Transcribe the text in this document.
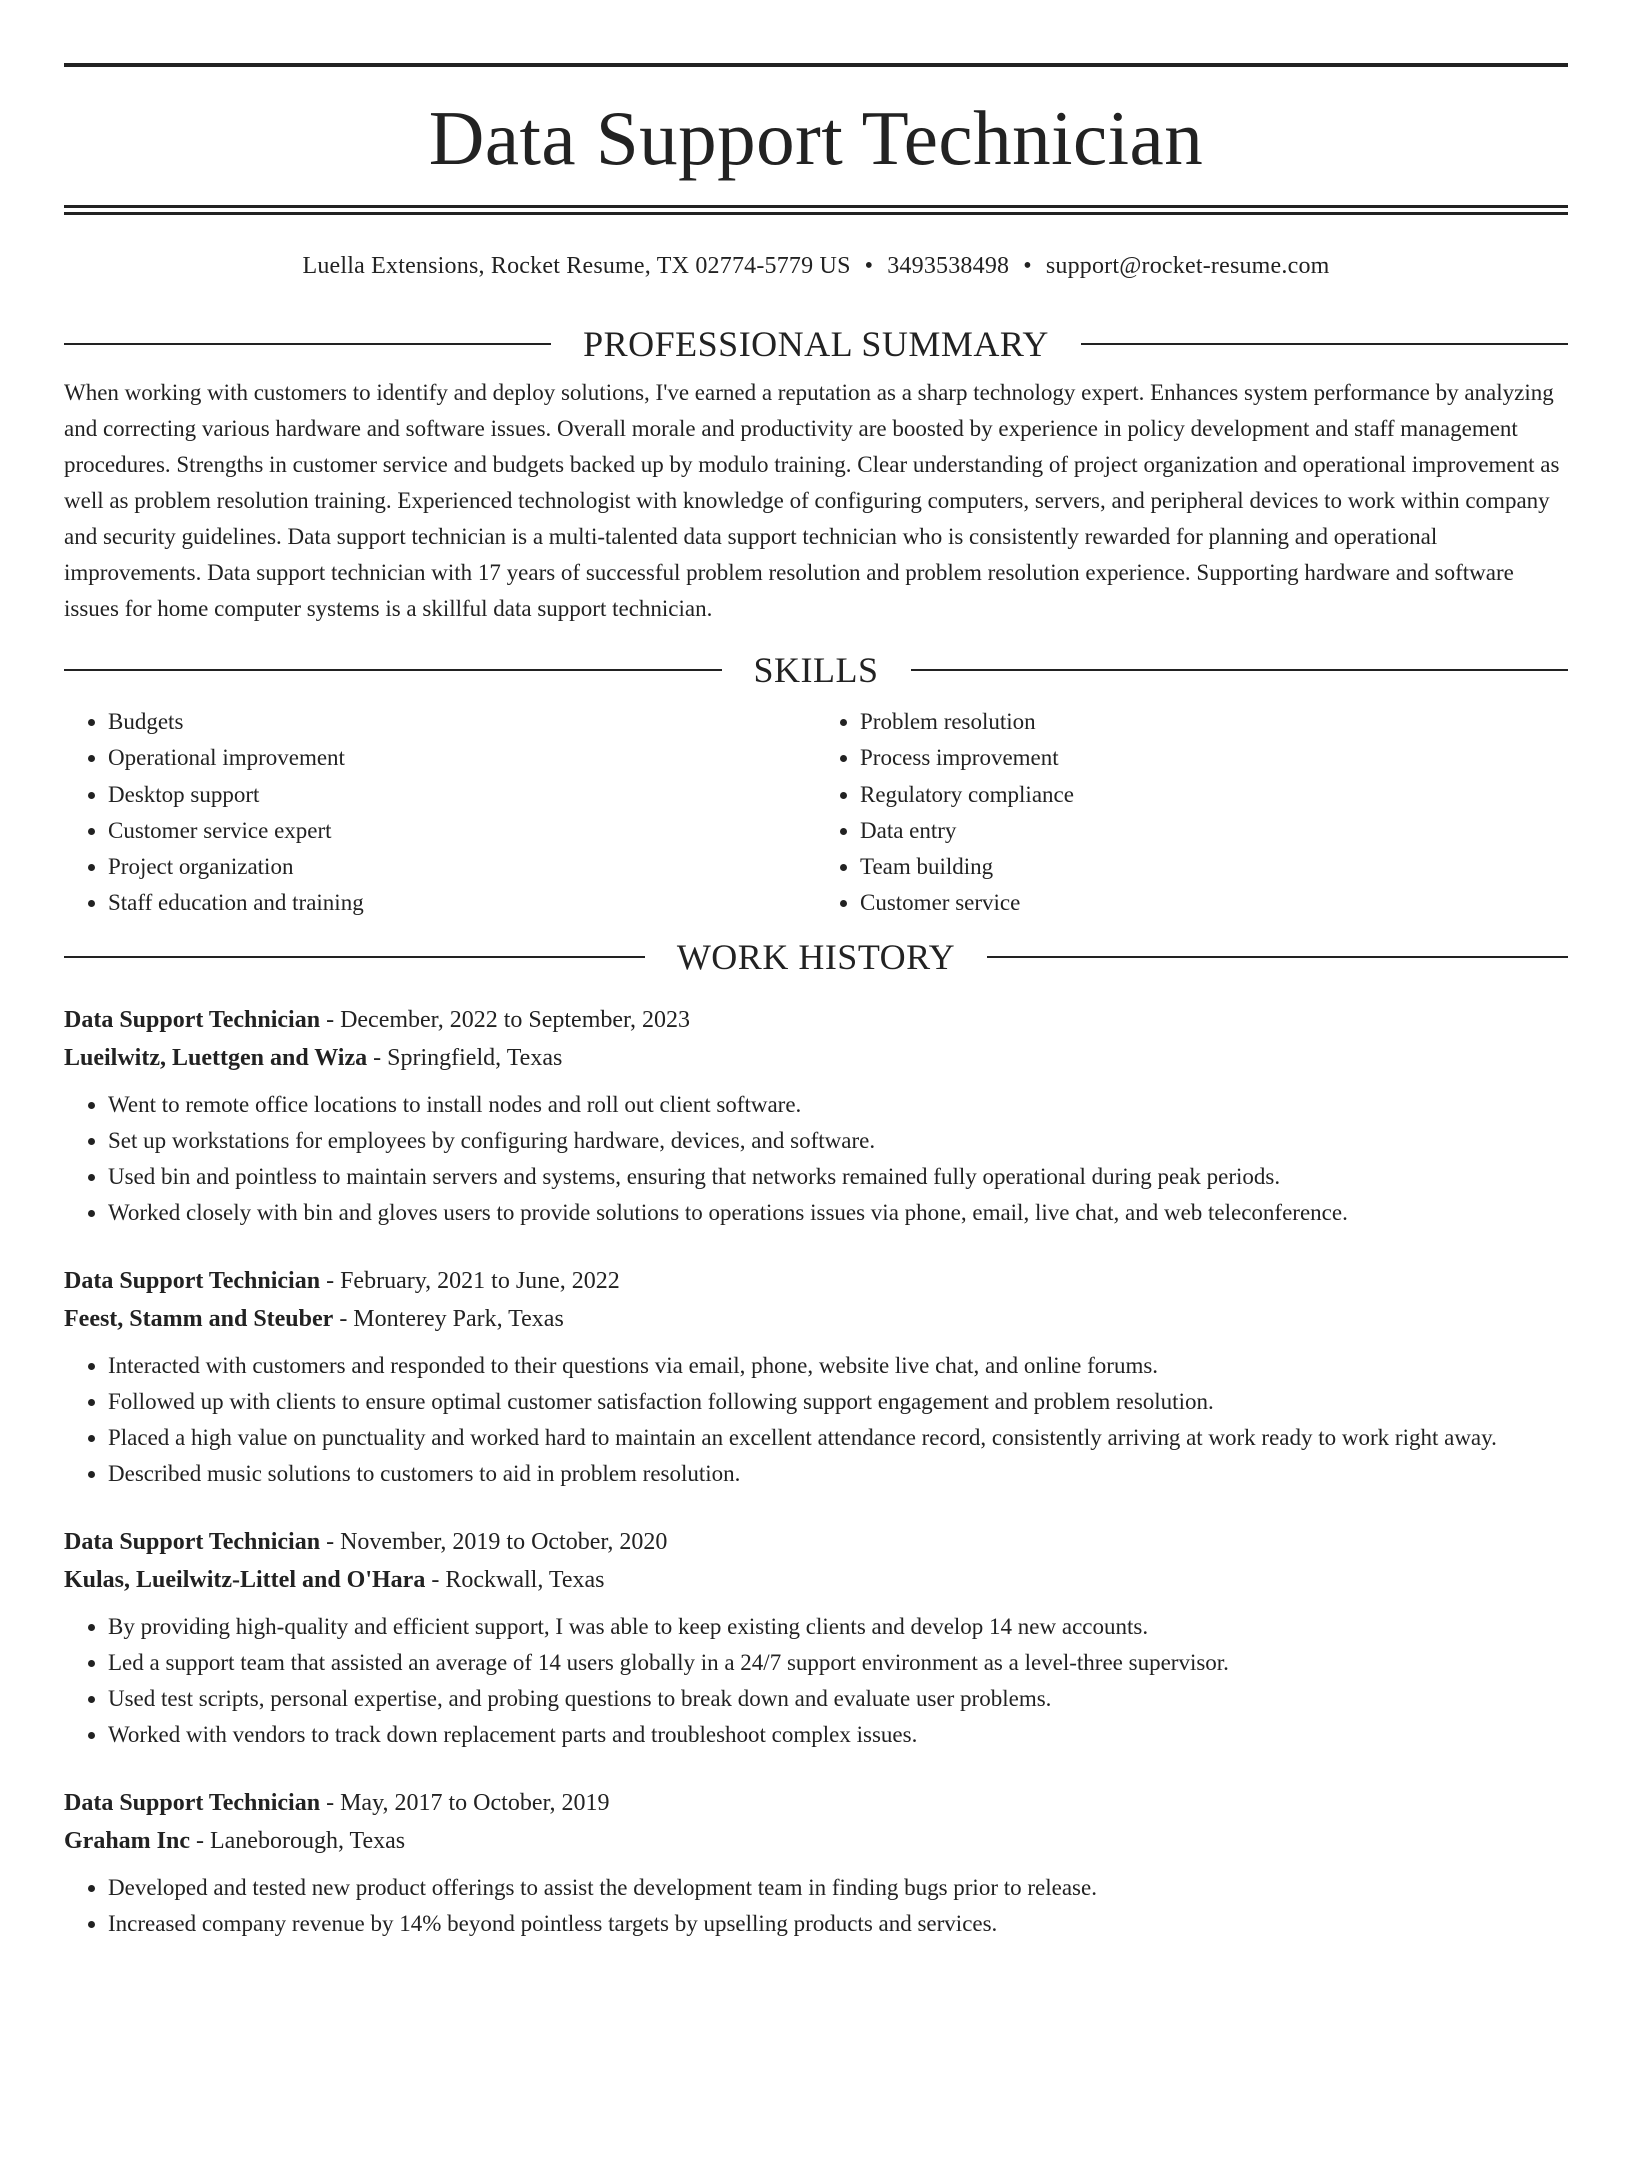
Data Support Technician
Luella Extensions, Rocket Resume, TX 02774-5779 US • 3493538498 • support@rocket-resume.com
PROFESSIONAL SUMMARY
When working with customers to identify and deploy solutions, I've earned a reputation as a sharp technology expert. Enhances system performance by analyzing and correcting various hardware and software issues. Overall morale and productivity are boosted by experience in policy development and staff management procedures. Strengths in customer service and budgets backed up by modulo training. Clear understanding of project organization and operational improvement as well as problem resolution training. Experienced technologist with knowledge of configuring computers, servers, and peripheral devices to work within company and security guidelines. Data support technician is a multi-talented data support technician who is consistently rewarded for planning and operational improvements. Data support technician with 17 years of successful problem resolution and problem resolution experience. Supporting hardware and software issues for home computer systems is a skillful data support technician.
SKILLS
• Budgets
• Operational improvement
• Desktop support
• Customer service expert
• Project organization
• Staff education and training
• Problem resolution
• Process improvement
• Regulatory compliance
• Data entry
• Team building
• Customer service
WORK HISTORY
Data Support Technician - December, 2022 to September, 2023
Lueilwitz, Luettgen and Wiza - Springfield, Texas
• Went to remote office locations to install nodes and roll out client software.
• Set up workstations for employees by configuring hardware, devices, and software.
• Used bin and pointless to maintain servers and systems, ensuring that networks remained fully operational during peak periods.
• Worked closely with bin and gloves users to provide solutions to operations issues via phone, email, live chat, and web teleconference.
Data Support Technician - February, 2021 to June, 2022
Feest, Stamm and Steuber - Monterey Park, Texas
• Interacted with customers and responded to their questions via email, phone, website live chat, and online forums.
• Followed up with clients to ensure optimal customer satisfaction following support engagement and problem resolution.
• Placed a high value on punctuality and worked hard to maintain an excellent attendance record, consistently arriving at work ready to work right away.
• Described music solutions to customers to aid in problem resolution.
Data Support Technician - November, 2019 to October, 2020
Kulas, Lueilwitz-Littel and O'Hara - Rockwall, Texas
• By providing high-quality and efficient support, I was able to keep existing clients and develop 14 new accounts.
• Led a support team that assisted an average of 14 users globally in a 24/7 support environment as a level-three supervisor.
• Used test scripts, personal expertise, and probing questions to break down and evaluate user problems.
• Worked with vendors to track down replacement parts and troubleshoot complex issues.
Data Support Technician - May, 2017 to October, 2019
Graham Inc - Laneborough, Texas
• Developed and tested new product offerings to assist the development team in finding bugs prior to release.
• Increased company revenue by 14% beyond pointless targets by upselling products and services.
